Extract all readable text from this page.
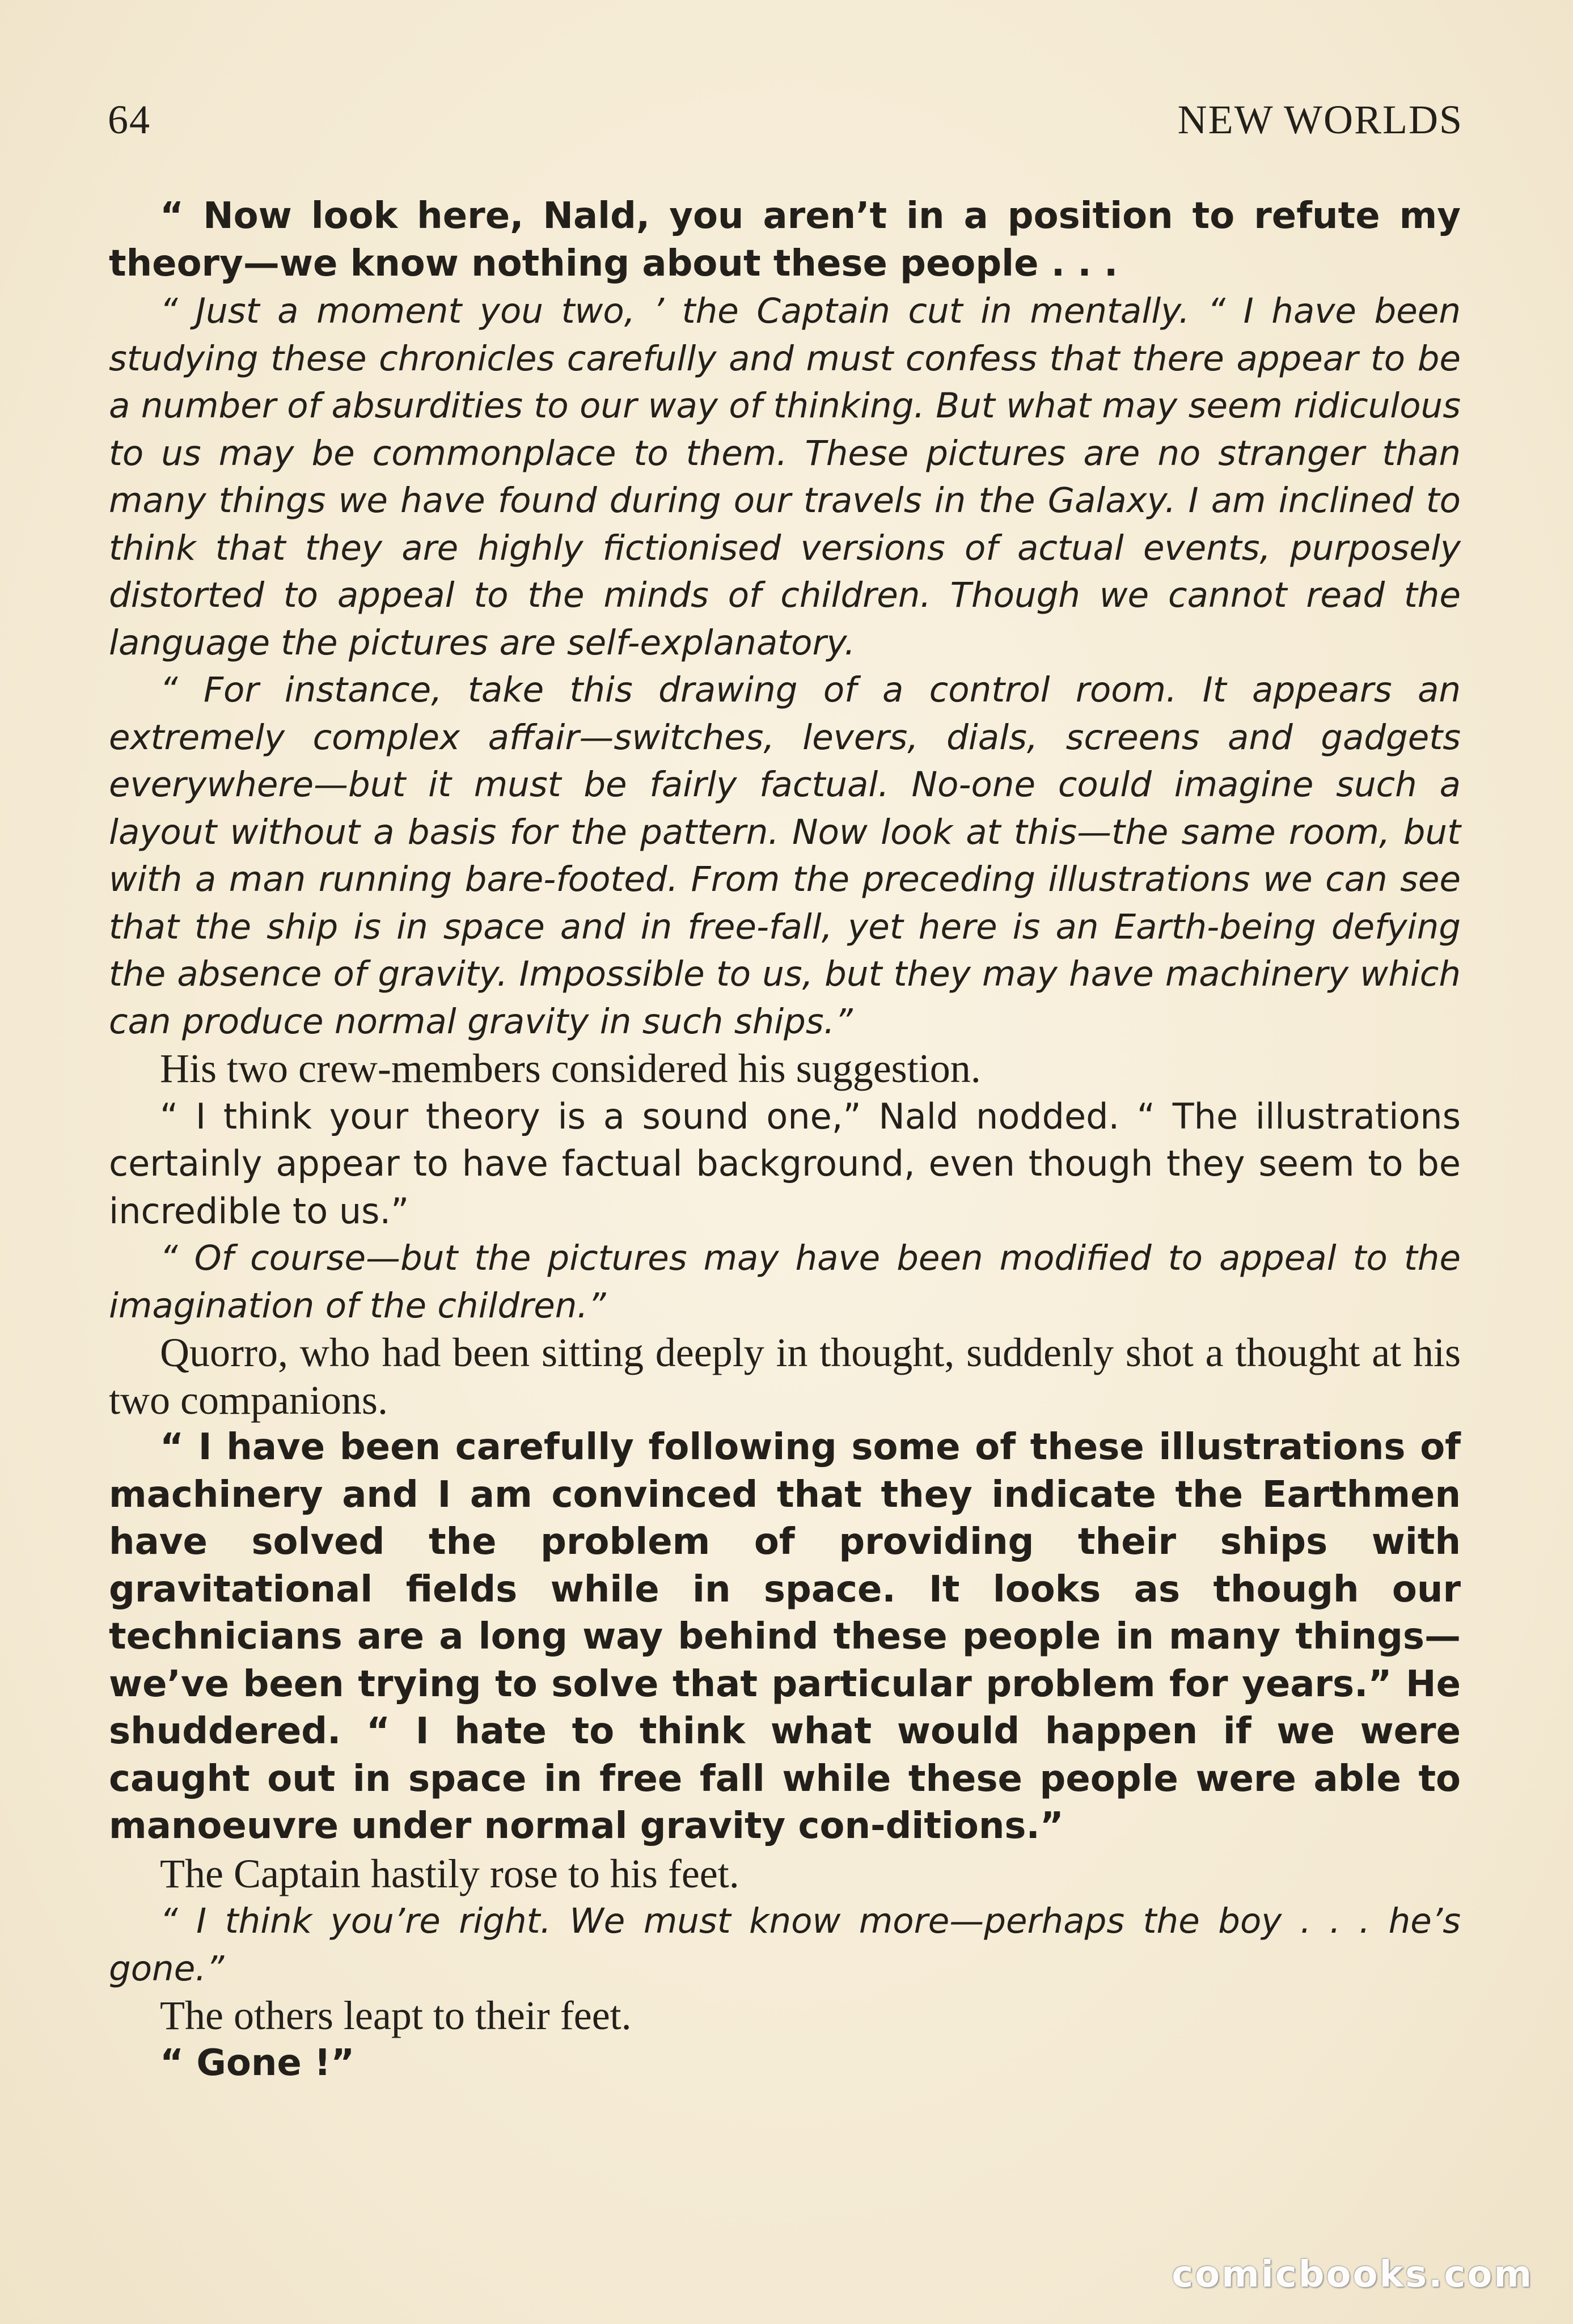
64	NEW WORLDS

“ Now look here, Nald, you aren’t in a position to refute my theory—we know nothing about these people . . .

“ Just a moment you two, ’ the Captain cut in mentally. “ I have been studying these chronicles carefully and must confess that there appear to be a number of absurdities to our way of thinking. But what may seem ridiculous to us may be commonplace to them. These pictures are no stranger than many things we have found during our travels in the Galaxy. I am inclined to think that they are highly fictionised versions of actual events, purposely distorted to appeal to the minds of children. Though we cannot read the language the pictures are self-explanatory.

“ For instance, take this drawing of a control room. It appears an extremely complex affair—switches, levers, dials, screens and gadgets everywhere—but it must be fairly factual. No-one could imagine such a layout without a basis for the pattern. Now look at this—the same room, but with a man running bare-footed. From the preceding illustrations we can see that the ship is in space and in free-fall, yet here is an Earth-being defying the absence of gravity. Impossible to us, but they may have machinery which can produce normal gravity in such ships.”

His two crew-members considered his suggestion.

“ I think your theory is a sound one,” Nald nodded. “ The illustrations certainly appear to have factual background, even though they seem to be incredible to us.”

“ Of course—but the pictures may have been modified to appeal to the imagination of the children.”

Quorro, who had been sitting deeply in thought, suddenly shot a thought at his two companions.

“ I have been carefully following some of these illustrations of machinery and I am convinced that they indicate the Earthmen have solved the problem of providing their ships with gravitational fields while in space. It looks as though our technicians are a long way behind these people in many things—we’ve been trying to solve that particular problem for years.” He shuddered. “ I hate to think what would happen if we were caught out in space in free fall while these people were able to manoeuvre under normal gravity con-ditions.”

The Captain hastily rose to his feet.

“ I think you’re right. We must know more—perhaps the boy . . . he’s gone.”

The others leapt to their feet.

“ Gone !”

comicbooks.com
